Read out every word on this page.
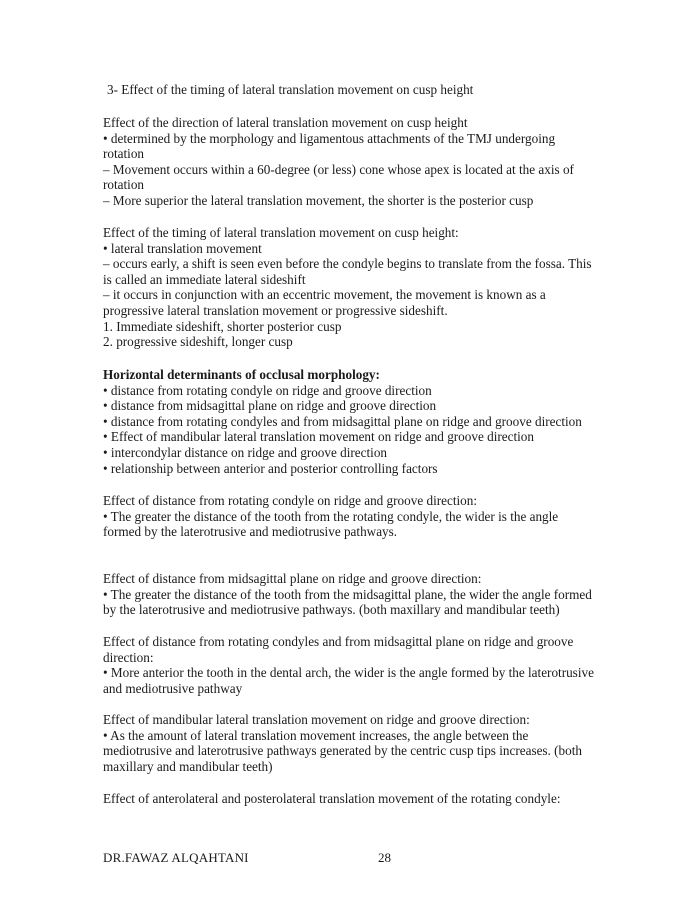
3- Effect of the timing of lateral translation movement on cusp height

Effect of the direction of lateral translation movement on cusp height
• determined by the morphology and ligamentous attachments of the TMJ undergoing
rotation
– Movement occurs within a 60-degree (or less) cone whose apex is located at the axis of
rotation
– More superior the lateral translation movement, the shorter is the posterior cusp

Effect of the timing of lateral translation movement on cusp height:
• lateral translation movement
– occurs early, a shift is seen even before the condyle begins to translate from the fossa. This
is called an immediate lateral sideshift
– it occurs in conjunction with an eccentric movement, the movement is known as a
progressive lateral translation movement or progressive sideshift.
1. Immediate sideshift, shorter posterior cusp
2. progressive sideshift, longer cusp

Horizontal determinants of occlusal morphology:
• distance from rotating condyle on ridge and groove direction
• distance from midsagittal plane on ridge and groove direction
• distance from rotating condyles and from midsagittal plane on ridge and groove direction
• Effect of mandibular lateral translation movement on ridge and groove direction
• intercondylar distance on ridge and groove direction
• relationship between anterior and posterior controlling factors

Effect of distance from rotating condyle on ridge and groove direction:
• The greater the distance of the tooth from the rotating condyle, the wider is the angle
formed by the laterotrusive and mediotrusive pathways.

Effect of distance from midsagittal plane on ridge and groove direction:
• The greater the distance of the tooth from the midsagittal plane, the wider the angle formed
by the laterotrusive and mediotrusive pathways. (both maxillary and mandibular teeth)

Effect of distance from rotating condyles and from midsagittal plane on ridge and groove
direction:
• More anterior the tooth in the dental arch, the wider is the angle formed by the laterotrusive
and mediotrusive pathway

Effect of mandibular lateral translation movement on ridge and groove direction:
• As the amount of lateral translation movement increases, the angle between the
mediotrusive and laterotrusive pathways generated by the centric cusp tips increases. (both
maxillary and mandibular teeth)

Effect of anterolateral and posterolateral translation movement of the rotating condyle:

DR.FAWAZ ALQAHTANI	28
